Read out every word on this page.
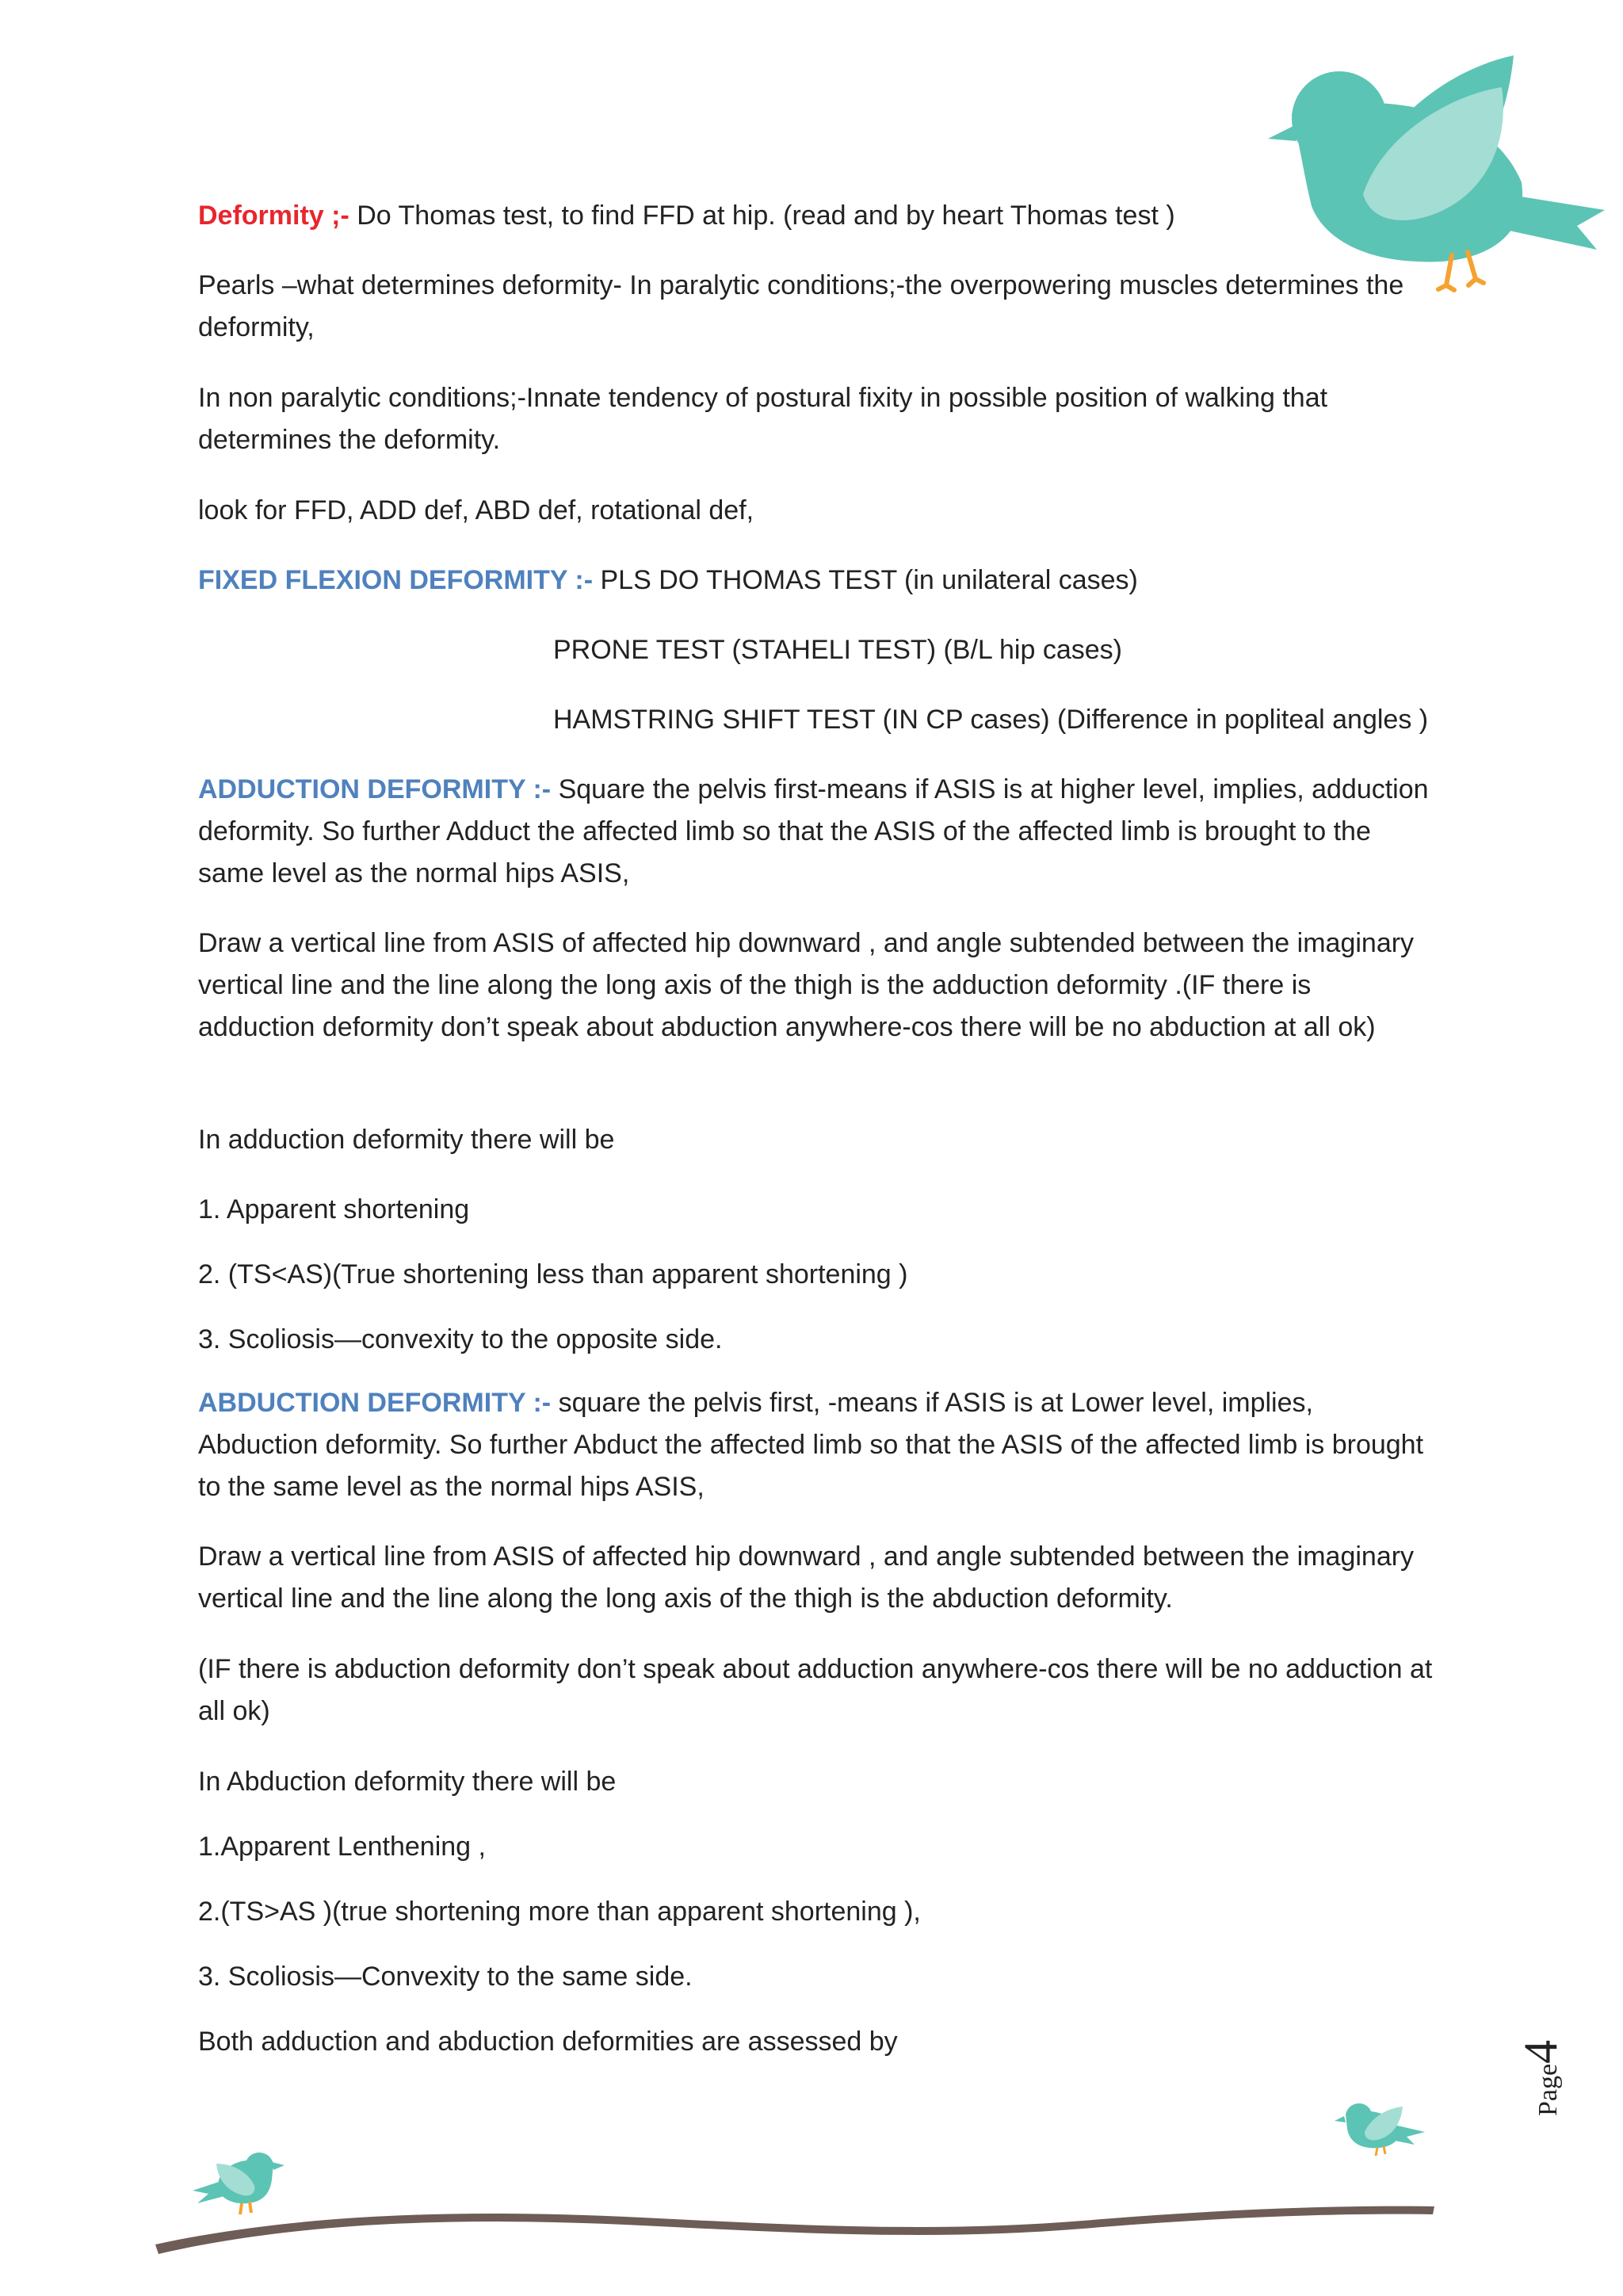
Deformity ;- Do Thomas test, to find FFD at hip. (read and by heart Thomas test )

Pearls –what determines deformity- In paralytic conditions;-the overpowering muscles determines the deformity,

In non paralytic conditions;-Innate tendency of postural fixity in possible position of walking that determines the deformity.

look for FFD, ADD def, ABD def, rotational def,

FIXED FLEXION DEFORMITY :- PLS DO THOMAS TEST (in unilateral cases)

PRONE TEST (STAHELI TEST) (B/L hip cases)

HAMSTRING SHIFT TEST (IN CP cases) (Difference in popliteal angles )

ADDUCTION DEFORMITY :- Square the pelvis first-means if ASIS is at higher level, implies, adduction deformity. So further Adduct the affected limb so that the ASIS of the affected limb is brought to the same level as the normal hips ASIS,

Draw a vertical line from ASIS of affected hip downward , and angle subtended between the imaginary vertical line and the line along the long axis of the thigh is the adduction deformity .(IF there is adduction deformity don’t speak about abduction anywhere-cos there will be no abduction at all ok)

In adduction deformity there will be

1. Apparent shortening

2. (TS<AS)(True shortening less than apparent shortening )

3. Scoliosis—convexity to the opposite side.

ABDUCTION DEFORMITY :- square the pelvis first, -means if ASIS is at Lower level, implies, Abduction deformity. So further Abduct the affected limb so that the ASIS of the affected limb is brought to the same level as the normal hips ASIS,

Draw a vertical line from ASIS of affected hip downward , and angle subtended between the imaginary vertical line and the line along the long axis of the thigh is the abduction deformity.

(IF there is abduction deformity don’t speak about adduction anywhere-cos there will be no adduction at all ok)

In Abduction deformity there will be

1.Apparent Lenthening ,

2.(TS>AS )(true shortening more than apparent shortening ),

3. Scoliosis—Convexity to the same side.

Both adduction and abduction deformities are assessed by

Page4
